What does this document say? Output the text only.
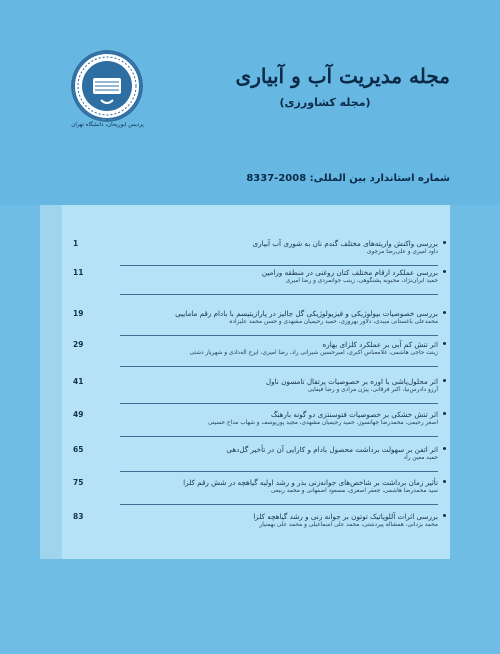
پردیس ابوریحان، دانشگاه تهران
مجله مدیریت آب و آبیاری
(مجله کشاورزی)
شماره استاندارد بین المللی: 2008-8337
بررسی واکنش واریته‌های مختلف گندم نان به شوری آب آبیاری
داود امیری و علی‌رضا مرجوی
1
بررسی عملکرد ارقام مختلف کتان روغنی در منطقه ورامین
حمید ایران‌نژاد، محبوبه پشنگوهی، زینب جوانمردی و رضا امیری
11
بررسی خصوصیات بیولوژیکی و فیزیولوژیکی گل جالیز در پارازیتیسم با بادام رقم ماماییی
محمدعلی باغستانی میبدی، دلاور بهروزی، حمید رحیمیان مشهدی و حسن محمد علیزاده
19
اثر تنش کم آبی بر عملکرد کلزای بهاره
زینت حاجی هاشمی، غلامعباس اکبری، امیرحسین شیرانی راد، رضا امیری، ایرج اله‌دادی و شهریار دشتی
29
اثر محلول‌پاشی با اوره بر خصوصیات پرتقال تامسون ناول
آرزو دادرس‌نیا، اکبر فرقانی، پیژن مرادی و رضا فیفایی
41
اثر تنش خشکی بر خصوصیات فتوسنتزی دو گونه بارهنگ
اصغر رحیمی، محمدرضا جهانسوز، حمید رحیمیان مشهدی، مجید پوریوسف و شهاب مداح حسینی
49
اثر اتفن بر سهولت برداشت محصول بادام و کارایی آن در تأخیر گل‌دهی
حمید معین راد
65
تأثیر زمان برداشت بر شاخص‌های جوانه‌زنی بذر و رشد اولیه گیاهچه در شش رقم کلزا
سید محمدرضا هاشمی، جعفر اصغری، مسعود اصفهانی و محمد ربیعی
75
بررسی اثرات آللوپاتیک توتون بر جوانه زنی و رشد گیاهچه کلزا
محمد یزدانی، همشاله پیردشتی، محمد علی اسماعیلی و محمد علی بهمنیار
83
